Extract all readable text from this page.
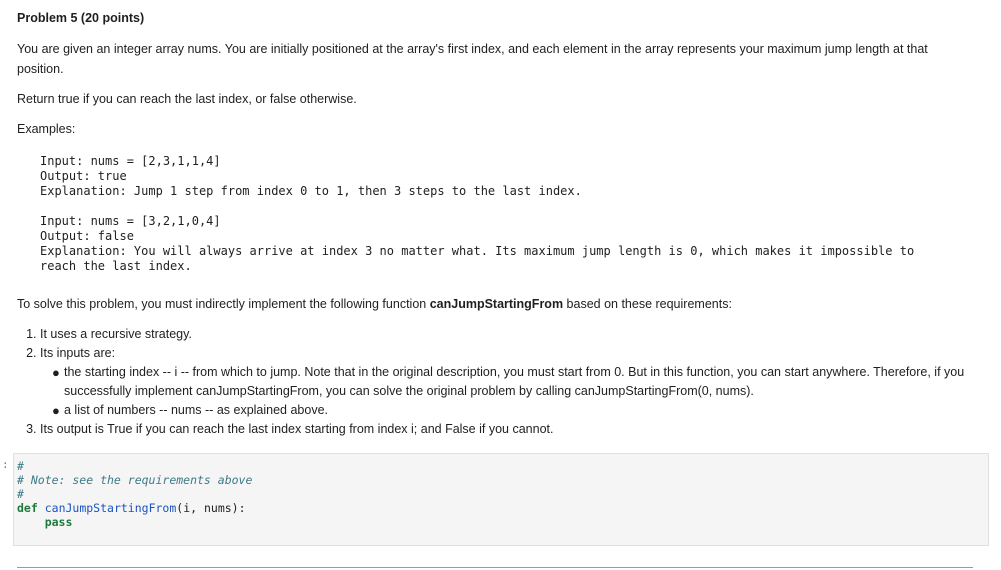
Problem 5 (20 points)

You are given an integer array nums. You are initially positioned at the array's first index, and each element in the array represents your maximum jump length at that position.

Return true if you can reach the last index, or false otherwise.

Examples:

Input: nums = [2,3,1,1,4]
Output: true
Explanation: Jump 1 step from index 0 to 1, then 3 steps to the last index.

Input: nums = [3,2,1,0,4]
Output: false
Explanation: You will always arrive at index 3 no matter what. Its maximum jump length is 0, which makes it impossible to
reach the last index.

To solve this problem, you must indirectly implement the following function canJumpStartingFrom based on these requirements:

1. It uses a recursive strategy.
2. Its inputs are:
● the starting index -- i -- from which to jump. Note that in the original description, you must start from 0. But in this function, you can start anywhere. Therefore, if you successfully implement canJumpStartingFrom, you can solve the original problem by calling canJumpStartingFrom(0, nums).
● a list of numbers -- nums -- as explained above.
3. Its output is True if you can reach the last index starting from index i; and False if you cannot.
: #
# Note: see the requirements above
#
def canJumpStartingFrom(i, nums):
pass
